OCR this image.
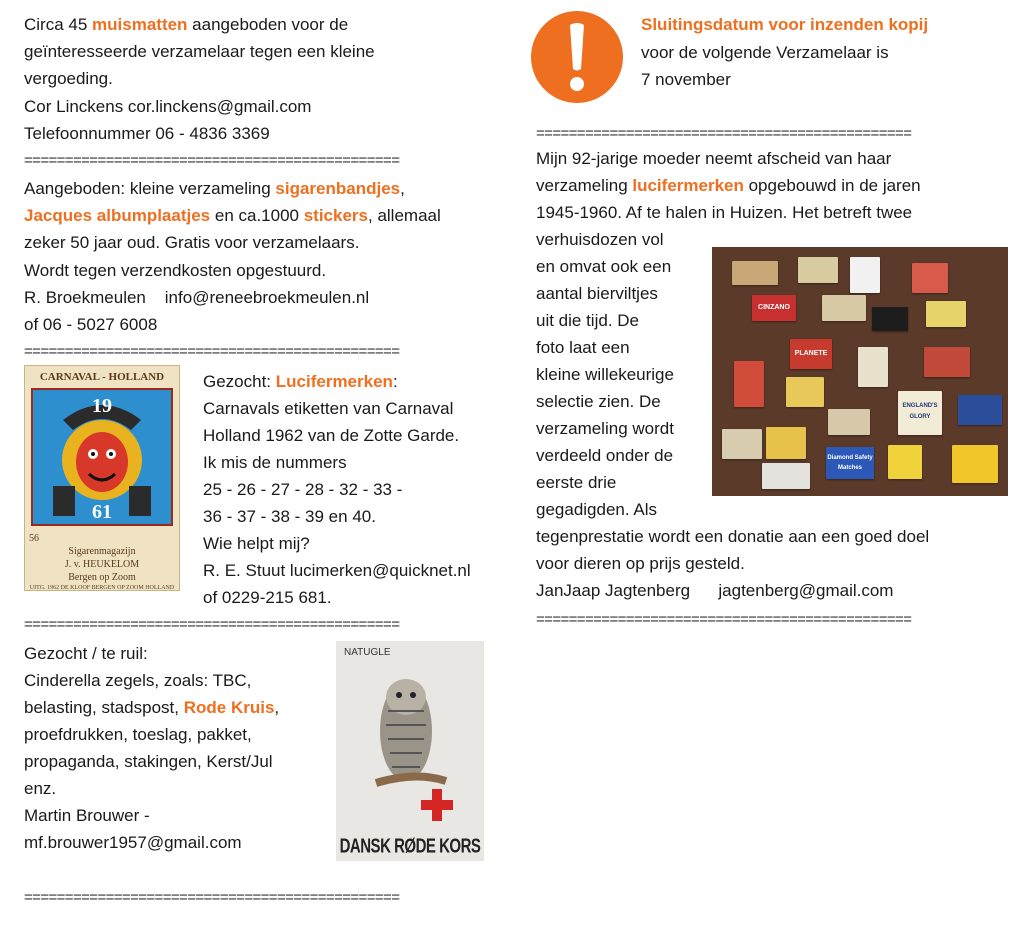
Circa 45 muismatten aangeboden voor de
geïnteresseerde verzamelaar tegen een kleine
vergoeding.
Cor Linckens cor.linckens@gmail.com
Telefoonnummer 06 - 4836 3369
==============================================
Aangeboden: kleine verzameling sigarenbandjes,
Jacques albumplaatjes en ca.1000 stickers, allemaal
zeker 50 jaar oud. Gratis voor verzamelaars.
Wordt tegen verzendkosten opgestuurd.
R. Broekmeulen    info@reneebroekmeulen.nl
of 06 - 5027 6008
==============================================
CARNAVAL - HOLLAND
19
61
56
Sigarenmagazijn
J. v. HEUKELOM
Bergen op Zoom
UITG. 1962 DE KLOOF BERGEN OP ZOOM HOLLAND
Gezocht: Lucifermerken:
Carnavals etiketten van Carnaval
Holland 1962 van de Zotte Garde.
Ik mis de nummers
25 - 26 - 27 - 28 - 32 - 33 -
36 - 37 - 38 - 39 en 40.
Wie helpt mij?
R. E. Stuut lucimerken@quicknet.nl
of 0229-215 681.
==============================================
Gezocht / te ruil:
Cinderella zegels, zoals: TBC,
belasting, stadspost, Rode Kruis,
proefdrukken, toeslag, pakket,
propaganda, stakingen, Kerst/Jul
enz.
Martin Brouwer -
mf.brouwer1957@gmail.com
NATUGLE
DANSK RØDE KORS
==============================================
Sluitingsdatum voor inzenden kopij
voor de volgende Verzamelaar is
7 november
==============================================
Mijn 92-jarige moeder neemt afscheid van haar
verzameling lucifermerken opgebouwd in de jaren
1945-1960. Af te halen in Huizen. Het betreft twee
verhuisdozen vol
en omvat ook een
aantal bierviltjes
uit die tijd. De
foto laat een
kleine willekeurige
selectie zien. De
verzameling wordt
verdeeld onder de
eerste drie
gegadigden. Als
tegenprestatie wordt een donatie aan een goed doel
voor dieren op prijs gesteld.
JanJaap Jagtenberg      jagtenberg@gmail.com
CINZANO
PLANETE
ENGLAND'S GLORY
Diamond Safety Matches
==============================================
